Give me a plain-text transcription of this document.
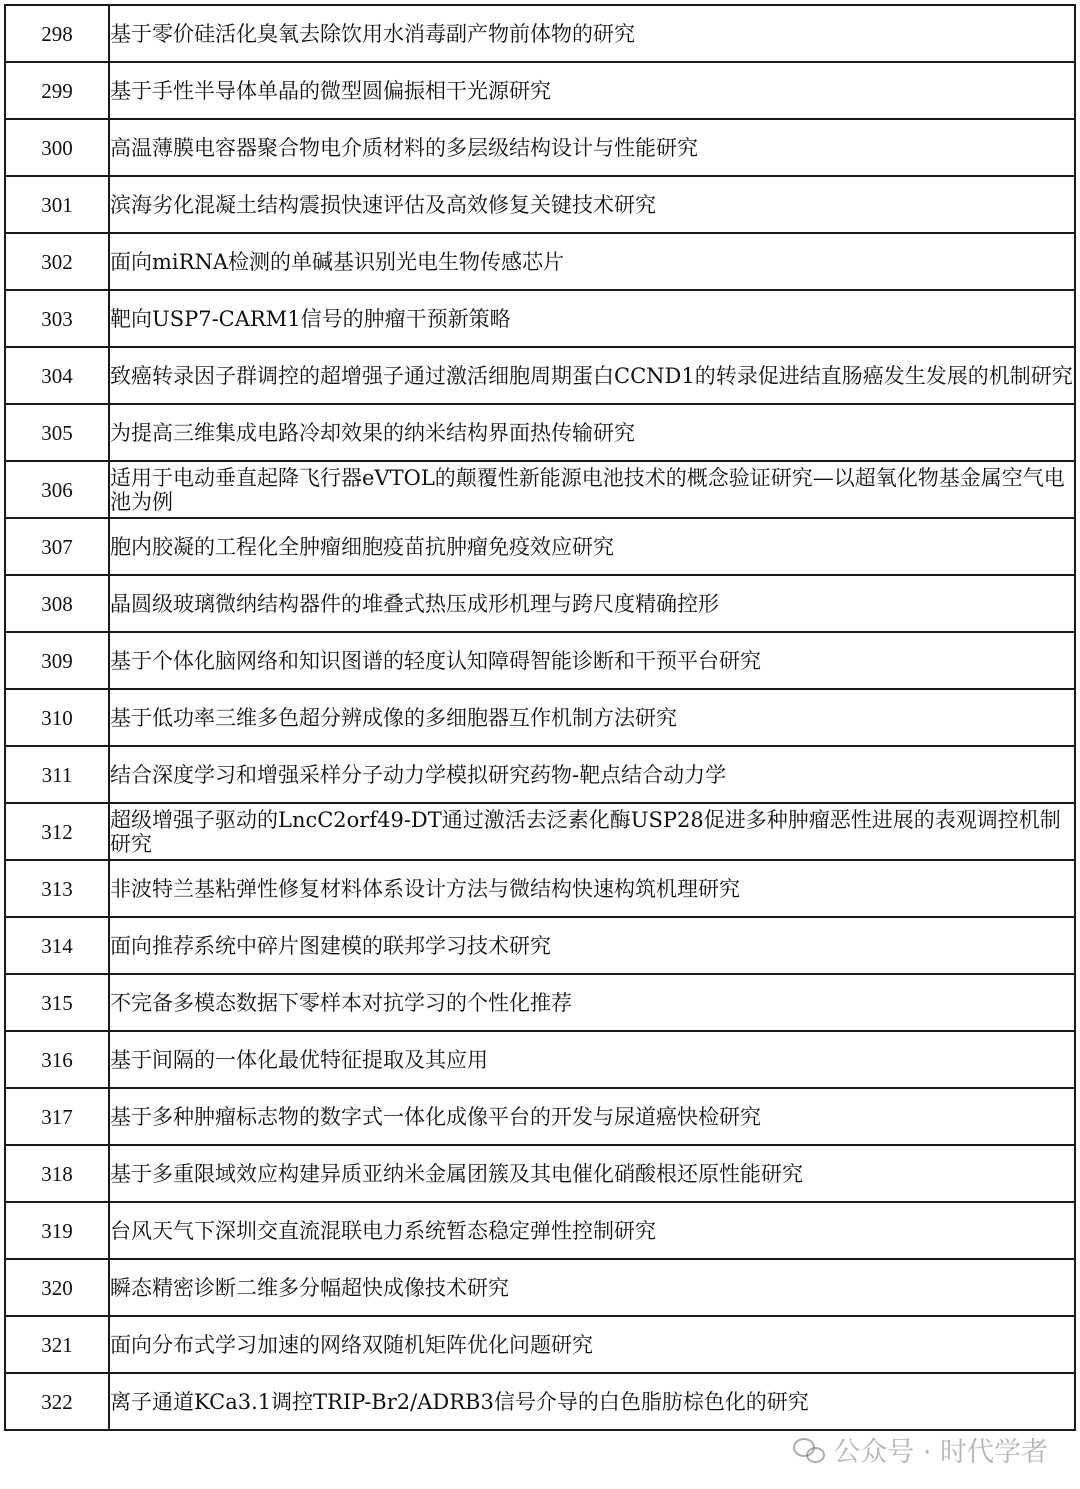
298	基于零价硅活化臭氧去除饮用水消毒副产物前体物的研究
299	基于手性半导体单晶的微型圆偏振相干光源研究
300	高温薄膜电容器聚合物电介质材料的多层级结构设计与性能研究
301	滨海劣化混凝土结构震损快速评估及高效修复关键技术研究
302	面向miRNA检测的单碱基识别光电生物传感芯片
303	靶向USP7-CARM1信号的肿瘤干预新策略
304	致癌转录因子群调控的超增强子通过激活细胞周期蛋白CCND1的转录促进结直肠癌发生发展的机制研究
305	为提高三维集成电路冷却效果的纳米结构界面热传输研究
306	适用于电动垂直起降飞行器eVTOL的颠覆性新能源电池技术的概念验证研究—以超氧化物基金属空气电池为例
307	胞内胶凝的工程化全肿瘤细胞疫苗抗肿瘤免疫效应研究
308	晶圆级玻璃微纳结构器件的堆叠式热压成形机理与跨尺度精确控形
309	基于个体化脑网络和知识图谱的轻度认知障碍智能诊断和干预平台研究
310	基于低功率三维多色超分辨成像的多细胞器互作机制方法研究
311	结合深度学习和增强采样分子动力学模拟研究药物-靶点结合动力学
312	超级增强子驱动的LncC2orf49-DT通过激活去泛素化酶USP28促进多种肿瘤恶性进展的表观调控机制研究
313	非波特兰基粘弹性修复材料体系设计方法与微结构快速构筑机理研究
314	面向推荐系统中碎片图建模的联邦学习技术研究
315	不完备多模态数据下零样本对抗学习的个性化推荐
316	基于间隔的一体化最优特征提取及其应用
317	基于多种肿瘤标志物的数字式一体化成像平台的开发与尿道癌快检研究
318	基于多重限域效应构建异质亚纳米金属团簇及其电催化硝酸根还原性能研究
319	台风天气下深圳交直流混联电力系统暂态稳定弹性控制研究
320	瞬态精密诊断二维多分幅超快成像技术研究
321	面向分布式学习加速的网络双随机矩阵优化问题研究
322	离子通道KCa3.1调控TRIP-Br2/ADRB3信号介导的白色脂肪棕色化的研究
公众号 · 时代学者
